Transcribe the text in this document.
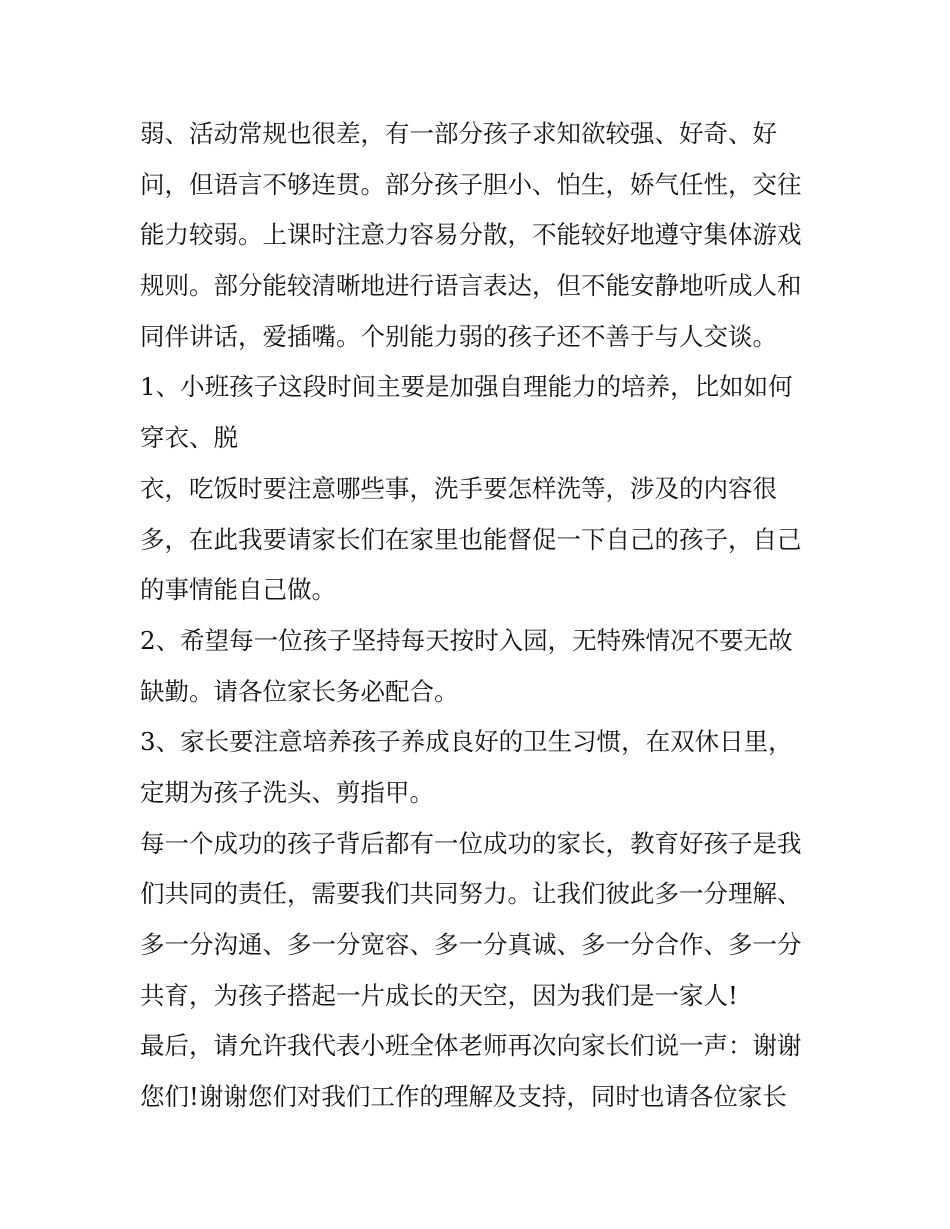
弱、活动常规也很差，有一部分孩子求知欲较强、好奇、好
问，但语言不够连贯。部分孩子胆小、怕生，娇气任性，交往
能力较弱。上课时注意力容易分散，不能较好地遵守集体游戏
规则。部分能较清晰地进行语言表达，但不能安静地听成人和
同伴讲话，爱插嘴。个别能力弱的孩子还不善于与人交谈。
1、小班孩子这段时间主要是加强自理能力的培养，比如如何
穿衣、脱
衣，吃饭时要注意哪些事，洗手要怎样洗等，涉及的内容很
多，在此我要请家长们在家里也能督促一下自己的孩子，自己
的事情能自己做。
2、希望每一位孩子坚持每天按时入园，无特殊情况不要无故
缺勤。请各位家长务必配合。
3、家长要注意培养孩子养成良好的卫生习惯，在双休日里，
定期为孩子洗头、剪指甲。
每一个成功的孩子背后都有一位成功的家长，教育好孩子是我
们共同的责任，需要我们共同努力。让我们彼此多一分理解、
多一分沟通、多一分宽容、多一分真诚、多一分合作、多一分
共育，为孩子搭起一片成长的天空，因为我们是一家人!
最后，请允许我代表小班全体老师再次向家长们说一声：谢谢
您们!谢谢您们对我们工作的理解及支持，同时也请各位家长
